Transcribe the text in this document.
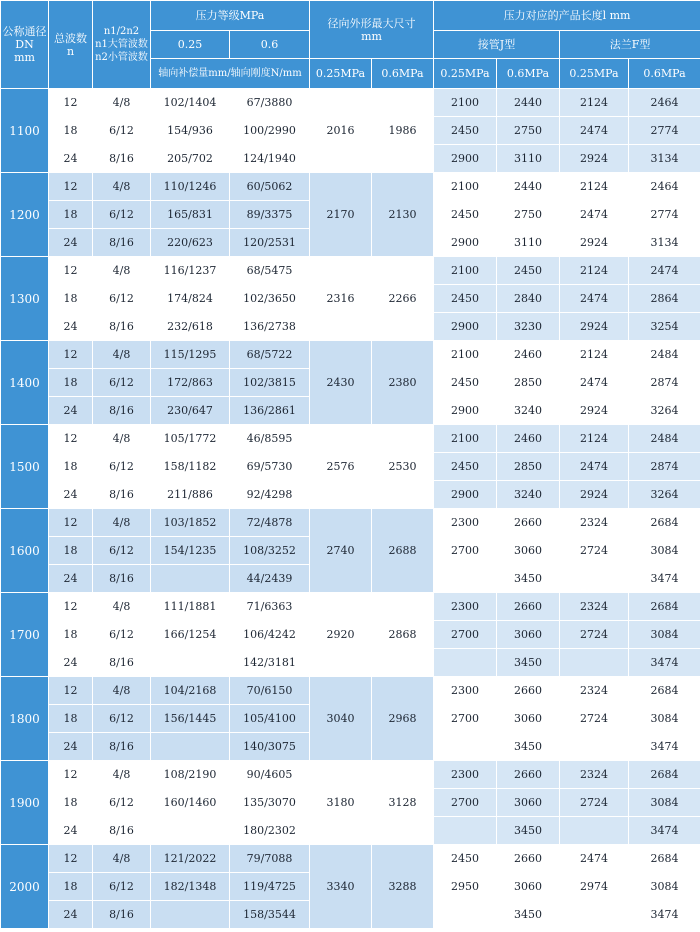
公称通径
DN
mm	总波数
n	n1/2n2
n1大管波数
n2小管波数	压力等级MPa		径向外形最大尺寸
mm		压力对应的产品长度l mm			
			0.25	0.6			接管J型		法兰F型	
			轴向补偿量mm/轴向刚度N/mm		0.25MPa	0.6MPa	0.25MPa	0.6MPa	0.25MPa	0.6MPa
1100	12	4/8	102/1404	67/3880	2016	1986	2100	2440	2124	2464
	18	6/12	154/936	100/2990			2450	2750	2474	2774
	24	8/16	205/702	124/1940			2900	3110	2924	3134
1200	12	4/8	110/1246	60/5062	2170	2130	2100	2440	2124	2464
	18	6/12	165/831	89/3375			2450	2750	2474	2774
	24	8/16	220/623	120/2531			2900	3110	2924	3134
1300	12	4/8	116/1237	68/5475	2316	2266	2100	2450	2124	2474
	18	6/12	174/824	102/3650			2450	2840	2474	2864
	24	8/16	232/618	136/2738			2900	3230	2924	3254
1400	12	4/8	115/1295	68/5722	2430	2380	2100	2460	2124	2484
	18	6/12	172/863	102/3815			2450	2850	2474	2874
	24	8/16	230/647	136/2861			2900	3240	2924	3264
1500	12	4/8	105/1772	46/8595	2576	2530	2100	2460	2124	2484
	18	6/12	158/1182	69/5730			2450	2850	2474	2874
	24	8/16	211/886	92/4298			2900	3240	2924	3264
1600	12	4/8	103/1852	72/4878	2740	2688	2300	2660	2324	2684
	18	6/12	154/1235	108/3252			2700	3060	2724	3084
	24	8/16		44/2439				3450		3474
1700	12	4/8	111/1881	71/6363	2920	2868	2300	2660	2324	2684
	18	6/12	166/1254	106/4242			2700	3060	2724	3084
	24	8/16		142/3181				3450		3474
1800	12	4/8	104/2168	70/6150	3040	2968	2300	2660	2324	2684
	18	6/12	156/1445	105/4100			2700	3060	2724	3084
	24	8/16		140/3075				3450		3474
1900	12	4/8	108/2190	90/4605	3180	3128	2300	2660	2324	2684
	18	6/12	160/1460	135/3070			2700	3060	2724	3084
	24	8/16		180/2302				3450		3474
2000	12	4/8	121/2022	79/7088	3340	3288	2450	2660	2474	2684
	18	6/12	182/1348	119/4725			2950	3060	2974	3084
	24	8/16		158/3544				3450		3474
